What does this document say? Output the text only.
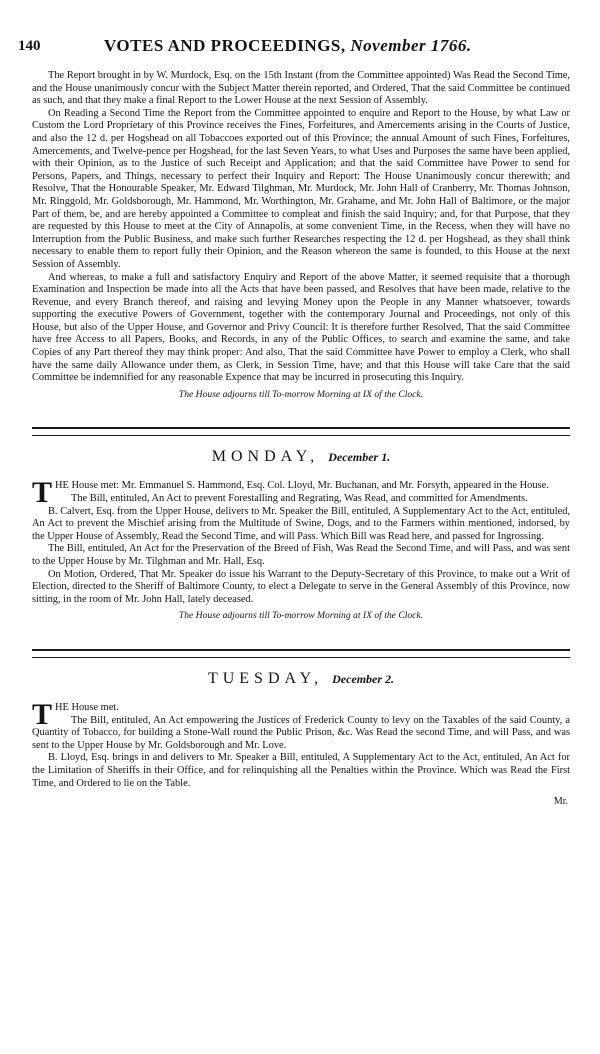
140	VOTES AND PROCEEDINGS, November 1766.

The Report brought in by W. Murdock, Esq. on the 15th Instant (from the Committee appointed) Was Read the Second Time, and the House unanimously concur with the Subject Matter therein reported, and Ordered, That the said Committee be continued as such, and that they make a final Report to the Lower House at the next Session of Assembly.

On Reading a Second Time the Report from the Committee appointed to enquire and Report to the House, by what Law or Custom the Lord Proprietary of this Province receives the Fines, Forfeitures, and Amercements arising in the Courts of Justice, and also the 12 d. per Hogshead on all Tobaccoes exported out of this Province; the annual Amount of such Fines, Forfeitures, Amercements, and Twelve-pence per Hogshead, for the last Seven Years, to what Uses and Purposes the same have been applied, with their Opinion, as to the Justice of such Receipt and Application; and that the said Committee have Power to send for Persons, Papers, and Things, necessary to perfect their Inquiry and Report: The House Unanimously concur therewith; and Resolve, That the Honourable Speaker, Mr. Edward Tilghman, Mr. Murdock, Mr. John Hall of Cranberry, Mr. Thomas Johnson, Mr. Ringgold, Mr. Goldsborough, Mr. Hammond, Mr. Worthington, Mr. Grahame, and Mr. John Hall of Baltimore, or the major Part of them, be, and are hereby appointed a Committee to compleat and finish the said Inquiry; and, for that Purpose, that they are requested by this House to meet at the City of Annapolis, at some convenient Time, in the Recess, when they will have no Interruption from the Public Business, and make such further Researches respecting the 12 d. per Hogshead, as they shall think necessary to enable them to report fully their Opinion, and the Reason whereon the same is founded, to this House at the next Session of Assembly.

And whereas, to make a full and satisfactory Enquiry and Report of the above Matter, it seemed requisite that a thorough Examination and Inspection be made into all the Acts that have been passed, and Resolves that have been made, relative to the Revenue, and every Branch thereof, and raising and levying Money upon the People in any Manner whatsoever, towards supporting the executive Powers of Government, together with the contemporary Journal and Proceedings, not only of this House, but also of the Upper House, and Governor and Privy Council: It is therefore further Resolved, That the said Committee have free Access to all Papers, Books, and Records, in any of the Public Offices, to search and examine the same, and take Copies of any Part thereof they may think proper: And also, That the said Committee have Power to employ a Clerk, who shall have the same daily Allowance under them, as Clerk, in Session Time, have; and that this House will take Care that the said Committee be indemnified for any reasonable Expence that may be incurred in prosecuting this Inquiry.

The House adjourns till To-morrow Morning at IX of the Clock.

MONDAY, December 1.

THE House met: Mr. Emmanuel S. Hammond, Esq. Col. Lloyd, Mr. Buchanan, and Mr. Forsyth, appeared in the House.

The Bill, entituled, An Act to prevent Forestalling and Regrating, Was Read, and committed for Amendments.

B. Calvert, Esq. from the Upper House, delivers to Mr. Speaker the Bill, entituled, A Supplementary Act to the Act, entituled, An Act to prevent the Mischief arising from the Multitude of Swine, Dogs, and to the Farmers within mentioned, indorsed, by the Upper House of Assembly, Read the Second Time, and will Pass. Which Bill was Read here, and passed for Ingrossing.

The Bill, entituled, An Act for the Preservation of the Breed of Fish, Was Read the Second Time, and will Pass, and was sent to the Upper House by Mr. Tilghman and Mr. Hall, Esq.

On Motion, Ordered, That Mr. Speaker do issue his Warrant to the Deputy-Secretary of this Province, to make out a Writ of Election, directed to the Sheriff of Baltimore County, to elect a Delegate to serve in the General Assembly of this Province, now sitting, in the room of Mr. John Hall, lately deceased.

The House adjourns till To-morrow Morning at IX of the Clock.

TUESDAY, December 2.

THE House met.

The Bill, entituled, An Act empowering the Justices of Frederick County to levy on the Taxables of the said County, a Quantity of Tobacco, for building a Stone-Wall round the Public Prison, &c. Was Read the second Time, and will Pass, and was sent to the Upper House by Mr. Goldsborough and Mr. Love.

B. Lloyd, Esq. brings in and delivers to Mr. Speaker a Bill, entituled, A Supplementary Act to the Act, entituled, An Act for the Limitation of Sheriffs in their Office, and for relinquishing all the Penalties within the Province. Which was Read the First Time, and Ordered to lie on the Table.

Mr.
